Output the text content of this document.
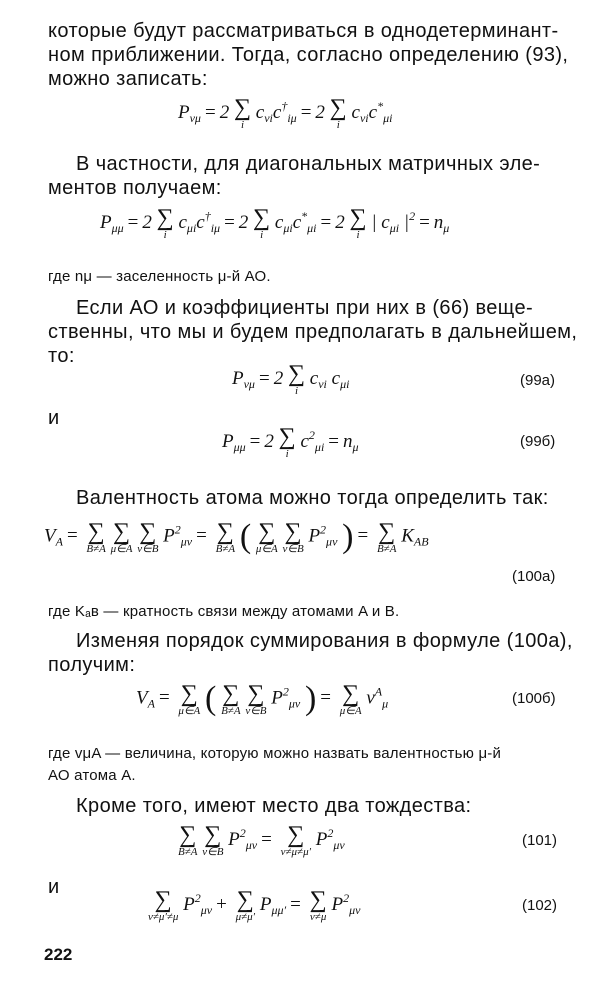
которые будут рассматриваться в однодетерминант-
ном приближении. Тогда, согласно определению (93),
можно записать:
$P_{\nu\mu} = 2$ ∑
i
$c_{\nu i}c^\dagger_{i\mu} = 2$ ∑
i
$c_{\nu i}c^*_{\mu i}$
В частности, для диагональных матричных эле-
ментов получаем:
$P_{\mu\mu} = 2$ ∑
i
$c_{\mu i}c^\dagger_{i\mu} = 2$ ∑
i
$c_{\mu i}c^*_{\mu i} = 2$ ∑
i
| $c_{\mu i}$ $|^2 = n_\mu$
где nμ — заселенность μ-й АО.
Если АО и коэффициенты при них в (66) веще-
ственны, что мы и будем предполагать в дальнейшем,
то:
$P_{\nu\mu} = 2$ ∑
i
$c_{\nu i}$ $c_{\mu i}$	(99а)
и
$P_{\mu\mu} = 2$ ∑
i
$c^2_{\mu i} = n_\mu$	(99б)
Валентность атома можно тогда определить так:
$V_A$ = ∑
B≠A

∑
μ∈A

∑
ν∈B
$P^2_{\mu\nu}$ = ∑
B≠A ( ∑
μ∈A

∑
ν∈B
$P^2_{\mu\nu}$ ) = ∑
B≠A
$K_{AB}$
(100а)
где Kₐʙ — кратность связи между атомами A и B.
Изменяя порядок суммирования в формуле (100а),
получим:
$V_A$ = ∑
μ∈A ( ∑
B≠A

∑
ν∈B
$P^2_{\mu\nu}$ ) = ∑
μ∈A
$v^A_\mu$	(100б)
где vμA — величина, которую можно назвать валентностью μ-й
АО атома A.
Кроме того, имеют место два тождества:
∑
B≠A

∑
ν∈B
$P^2_{\mu\nu}$ = ∑
ν≠μ≠μ′
$P^2_{\mu\nu}$	(101)
и	∑
ν≠μ′≠μ
$P^2_{\mu\nu}$ + ∑
μ≠μ′
$P_{\mu\mu'}$ = ∑
ν≠μ
$P^2_{\mu\nu}$	(102)
222
